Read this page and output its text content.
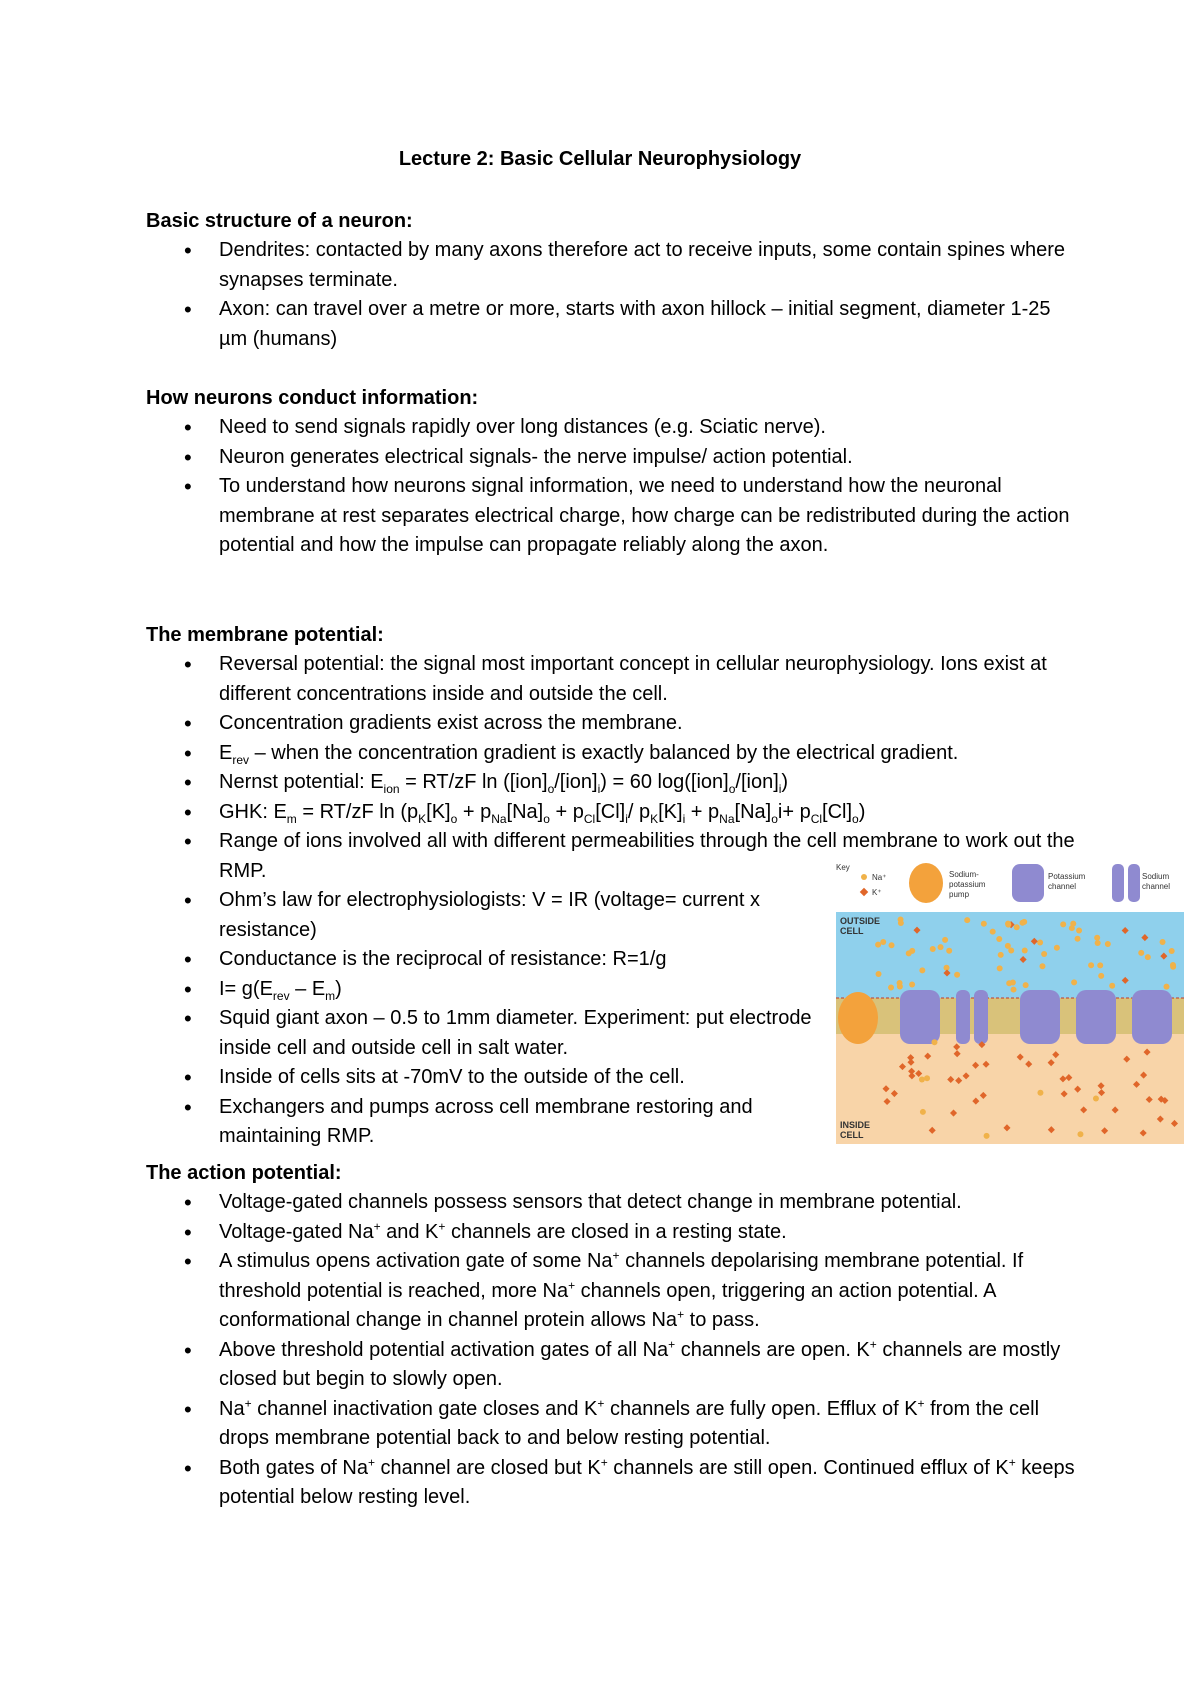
Lecture 2: Basic Cellular Neurophysiology
Basic structure of a neuron:
• Dendrites: contacted by many axons therefore act to receive inputs, some contain spines where synapses terminate.
• Axon: can travel over a metre or more, starts with axon hillock – initial segment, diameter 1-25 µm (humans)
How neurons conduct information:
• Need to send signals rapidly over long distances (e.g. Sciatic nerve).
• Neuron generates electrical signals- the nerve impulse/ action potential.
• To understand how neurons signal information, we need to understand how the neuronal membrane at rest separates electrical charge, how charge can be redistributed during the action potential and how the impulse can propagate reliably along the axon.
The membrane potential:
• Reversal potential: the signal most important concept in cellular neurophysiology. Ions exist at different concentrations inside and outside the cell.
• Concentration gradients exist across the membrane.
• $E_{rev}$ – when the concentration gradient is exactly balanced by the electrical gradient.
• Nernst potential: $E_{ion} = RT/zF$ $\ln ([ion]_o/[ion]_i) = 60$ $\log([ion]_o/[ion]_i)$
• GHK: $E_m = RT/zF$ $\ln (p_K[K]_o + p_{Na}[Na]_o + p_{Cl}[Cl]_i/$ $p_K[K]_i + p_{Na}[Na]_oi+ p_{Cl}[Cl]_o$)
• Range of ions involved all with different permeabilities through the cell membrane to work out the RMP.
• Ohm’s law for electrophysiologists: V = IR (voltage= current x resistance)
• Conductance is the reciprocal of resistance: R=1/g
• $I= g(E_{rev} - E_m)$
• Squid giant axon – 0.5 to 1mm diameter. Experiment: put electrode inside cell and outside cell in salt water.
• Inside of cells sits at -70mV to the outside of the cell.
• Exchangers and pumps across cell membrane restoring and maintaining RMP.
Key
Na⁺
K⁺
Sodium-
potassium
pump
Potassium
channel
Sodium
channel
OUTSIDE
CELL
INSIDE
CELL
The action potential:
• Voltage-gated channels possess sensors that detect change in membrane potential.
• Voltage-gated Na+ and K+ channels are closed in a resting state.
• A stimulus opens activation gate of some Na+ channels depolarising membrane potential. If threshold potential is reached, more Na+ channels open, triggering an action potential. A conformational change in channel protein allows Na+ to pass.
• Above threshold potential activation gates of all Na+ channels are open. K+ channels are mostly closed but begin to slowly open.
• Na+ channel inactivation gate closes and K+ channels are fully open. Efflux of K+ from the cell drops membrane potential back to and below resting potential.
• Both gates of Na+ channel are closed but K+ channels are still open. Continued efflux of K+ keeps potential below resting level.
